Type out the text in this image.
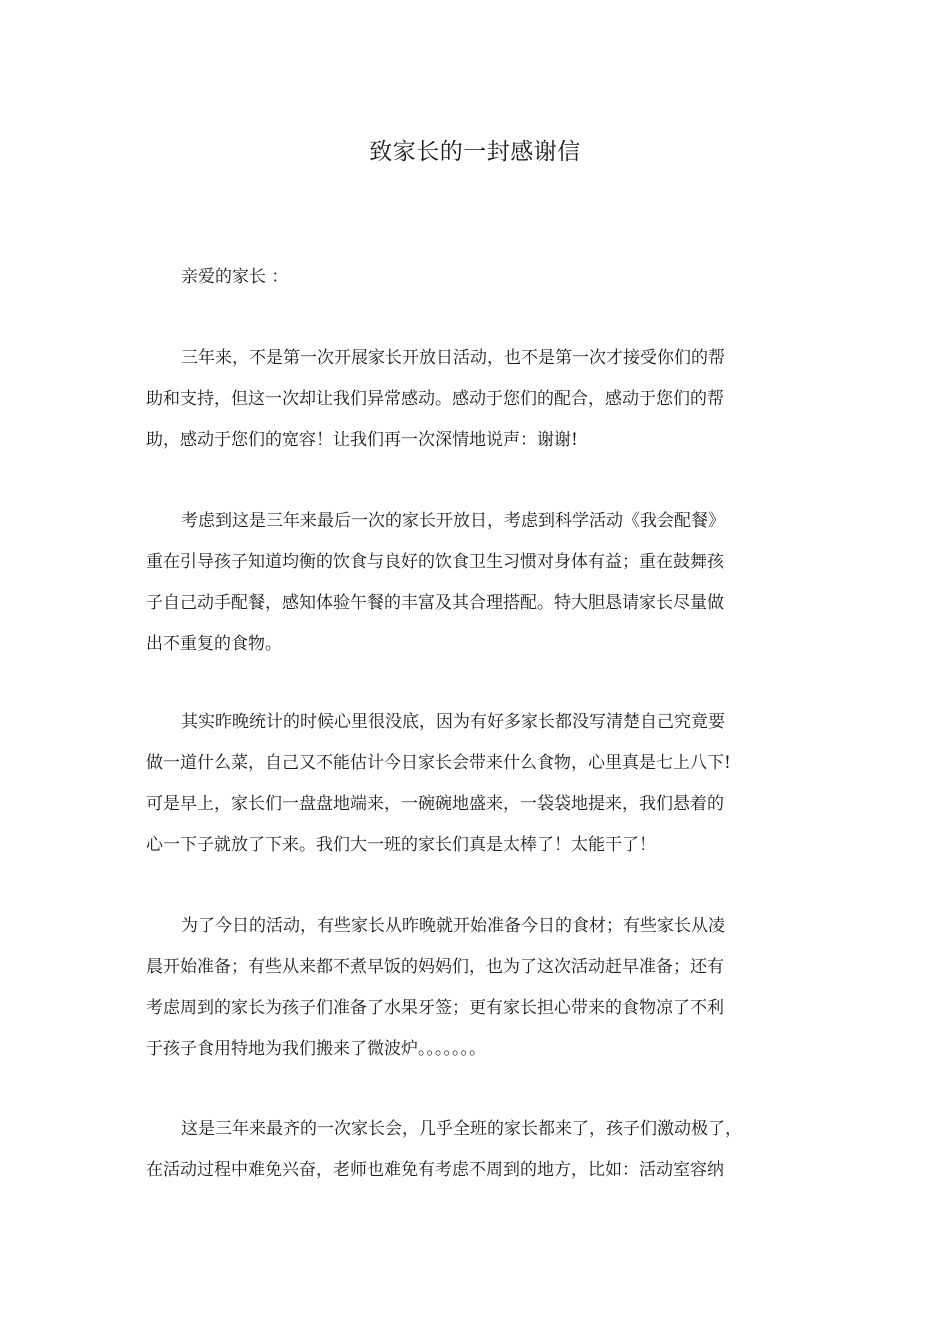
致家长的一封感谢信
亲爱的家长 ：
三年来，不是第一次开展家长开放日活动，也不是第一次才接受你们的帮
助和支持，但这一次却让我们异常感动。感动于您们的配合，感动于您们的帮
助，感动于您们的宽容！让我们再一次深情地说声：谢谢!
考虑到这是三年来最后一次的家长开放日，考虑到科学活动《我会配餐》
重在引导孩子知道均衡的饮食与良好的饮食卫生习惯对身体有益；重在鼓舞孩
子自己动手配餐，感知体验午餐的丰富及其合理搭配。特大胆恳请家长尽量做
出不重复的食物。
其实昨晚统计的时候心里很没底，因为有好多家长都没写清楚自己究竟要
做一道什么菜，自己又不能估计今日家长会带来什么食物，心里真是七上八下!
可是早上，家长们一盘盘地端来，一碗碗地盛来，一袋袋地提来，我们悬着的
心一下子就放了下来。我们大一班的家长们真是太棒了！太能干了！
为了今日的活动，有些家长从昨晚就开始准备今日的食材；有些家长从凌
晨开始准备；有些从来都不煮早饭的妈妈们，也为了这次活动赶早准备；还有
考虑周到的家长为孩子们准备了水果牙签；更有家长担心带来的食物凉了不利
于孩子食用特地为我们搬来了微波炉。。。。。。。
这是三年来最齐的一次家长会，几乎全班的家长都来了，孩子们激动极了，
在活动过程中难免兴奋，老师也难免有考虑不周到的地方，比如：活动室容纳
